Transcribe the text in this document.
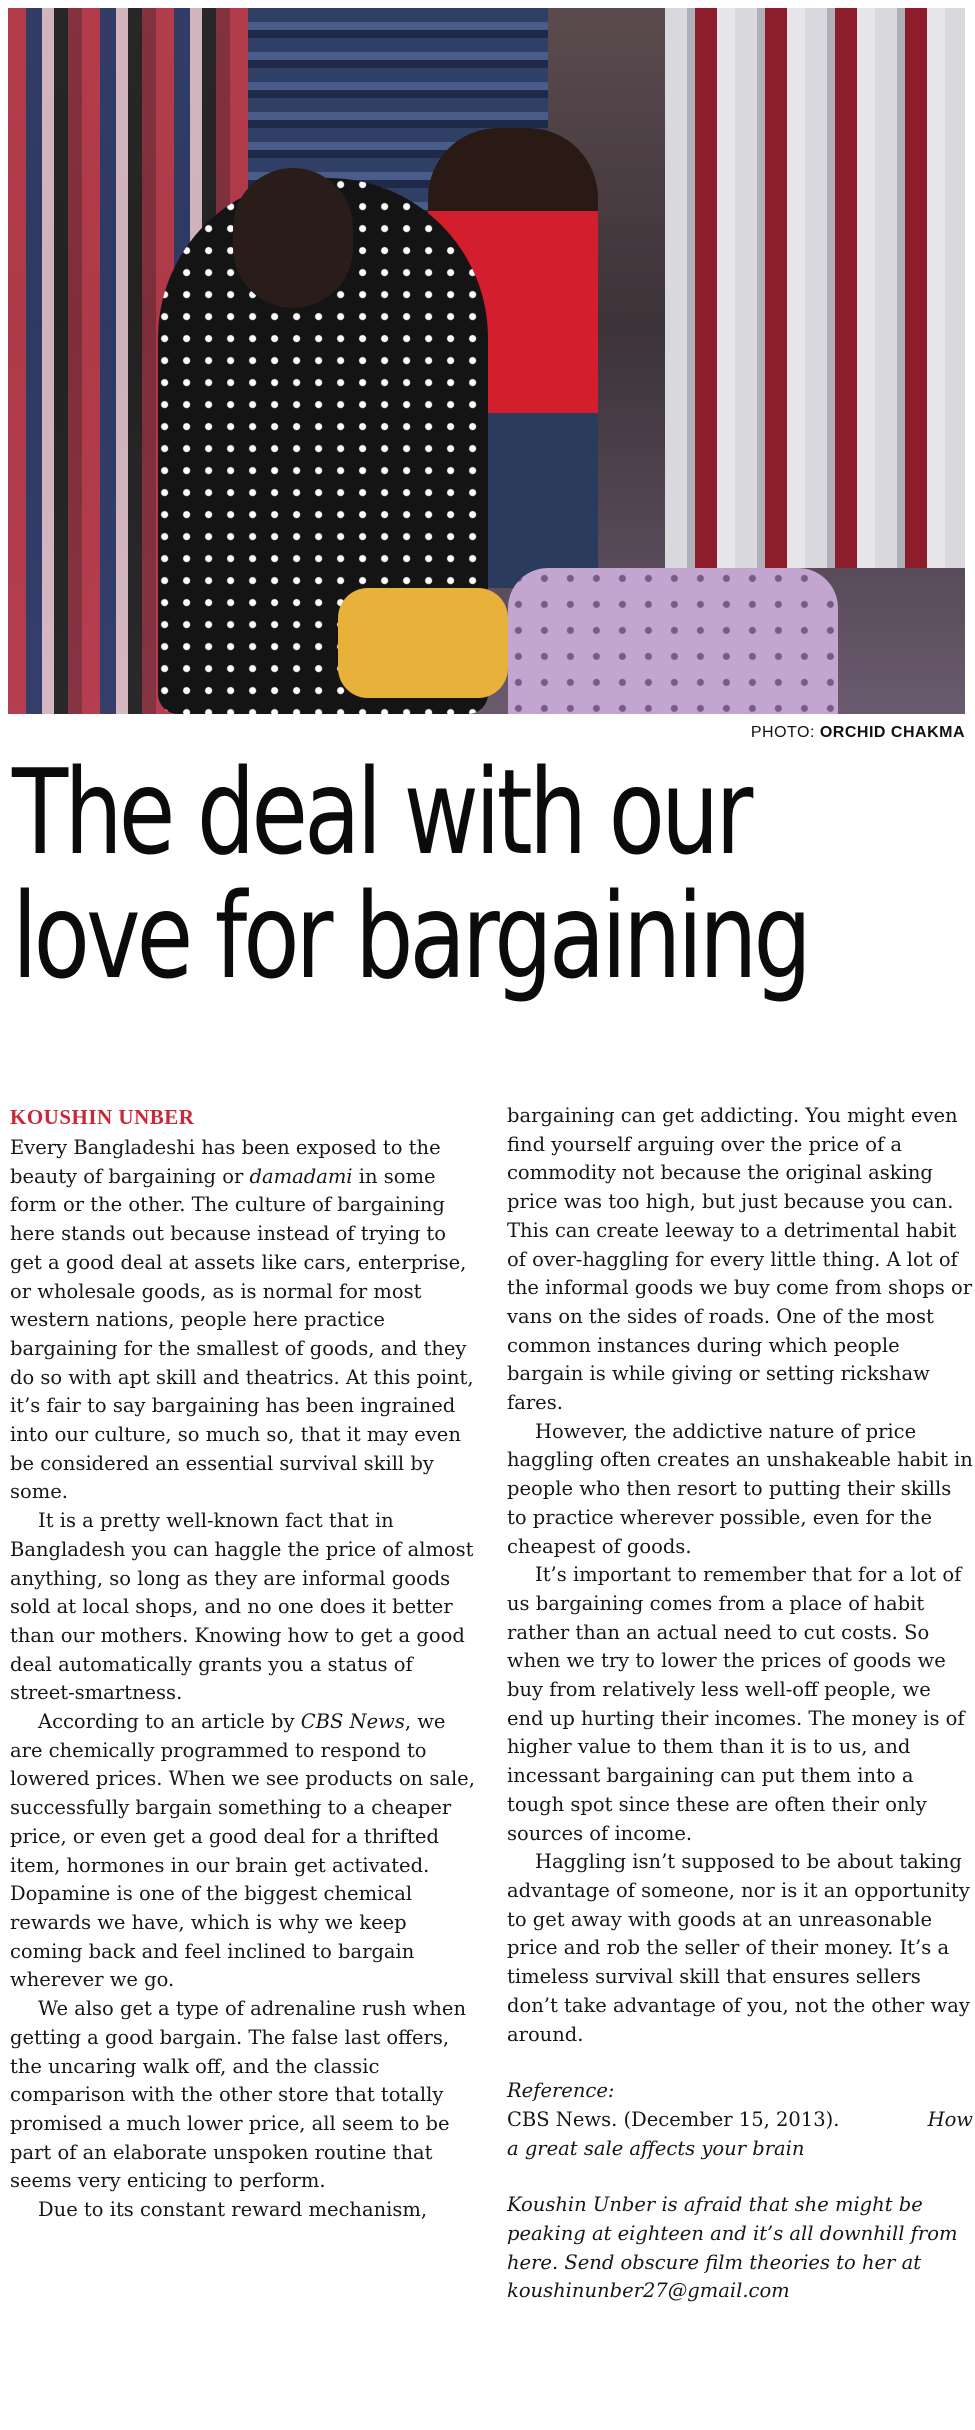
PHOTO: ORCHID CHAKMA
The deal with our
love for bargaining
KOUSHIN UNBER

Every Bangladeshi has been exposed to the beauty of bargaining or damadami in some form or the other. The culture of bargaining here stands out because instead of trying to get a good deal at assets like cars, enterprise, or wholesale goods, as is normal for most western nations, people here practice bargaining for the smallest of goods, and they do so with apt skill and theatrics. At this point, it’s fair to say bargaining has been ingrained into our culture, so much so, that it may even be considered an essential survival skill by some.

It is a pretty well-known fact that in Bangladesh you can haggle the price of almost anything, so long as they are informal goods sold at local shops, and no one does it better than our mothers. Knowing how to get a good deal automatically grants you a status of street-smartness.

According to an article by CBS News, we are chemically programmed to respond to lowered prices. When we see products on sale, successfully bargain something to a cheaper price, or even get a good deal for a thrifted item, hormones in our brain get activated. Dopamine is one of the biggest chemical rewards we have, which is why we keep coming back and feel inclined to bargain wherever we go.

We also get a type of adrenaline rush when getting a good bargain. The false last offers, the uncaring walk off, and the classic comparison with the other store that totally promised a much lower price, all seem to be part of an elaborate unspoken routine that seems very enticing to perform.

Due to its constant reward mechanism,

bargaining can get addicting. You might even find yourself arguing over the price of a commodity not because the original asking price was too high, but just because you can. This can create leeway to a detrimental habit of over-haggling for every little thing. A lot of the informal goods we buy come from shops or vans on the sides of roads. One of the most common instances during which people bargain is while giving or setting rickshaw fares.

However, the addictive nature of price haggling often creates an unshakeable habit in people who then resort to putting their skills to practice wherever possible, even for the cheapest of goods.

It’s important to remember that for a lot of us bargaining comes from a place of habit rather than an actual need to cut costs. So when we try to lower the prices of goods we buy from relatively less well-off people, we end up hurting their incomes. The money is of higher value to them than it is to us, and incessant bargaining can put them into a tough spot since these are often their only sources of income.

Haggling isn’t supposed to be about taking advantage of someone, nor is it an opportunity to get away with goods at an unreasonable price and rob the seller of their money. It’s a timeless survival skill that ensures sellers don’t take advantage of you, not the other way around.

Reference:

CBS News. (December 15, 2013).	How
a great sale affects your brain

Koushin Unber is afraid that she might be peaking at eighteen and it’s all downhill from here. Send obscure film theories to her at koushinunber27@gmail.com
